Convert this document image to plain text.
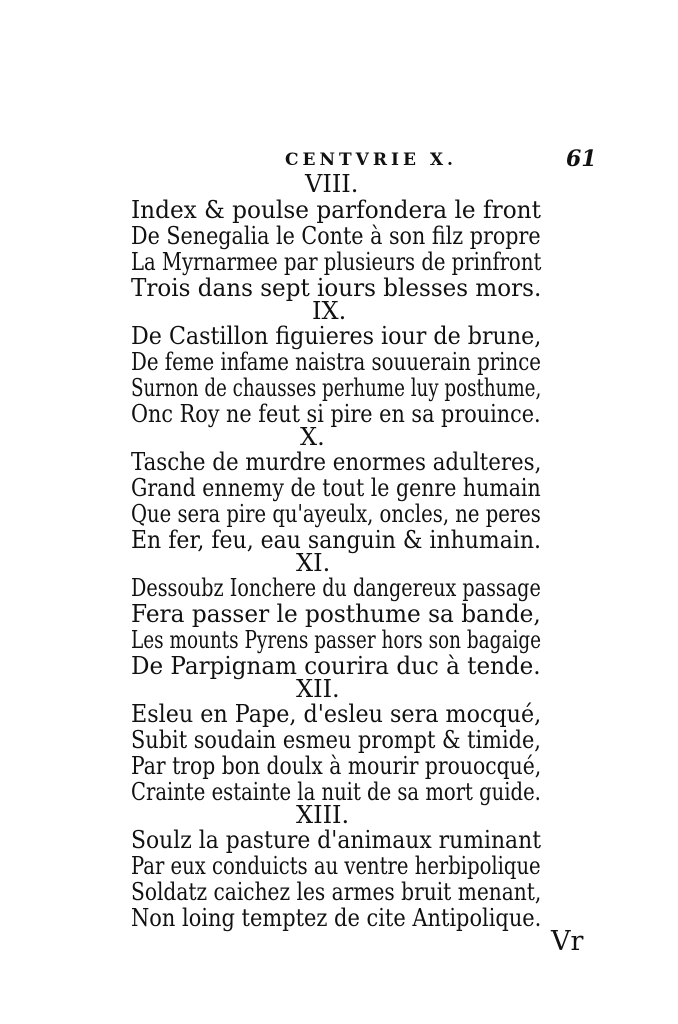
CENTVRIE X.	61
VIII.
Index & poulse parfondera le front
De Senegalia le Conte à son filz propre
La Myrnarmee par plusieurs de prinfront
Trois dans sept iours blesses mors.
IX.
De Castillon figuieres iour de brune,
De feme infame naistra souuerain prince
Surnon de chausses perhume luy posthume,
Onc Roy ne feut si pire en sa prouince.
X.
Tasche de murdre enormes adulteres,
Grand ennemy de tout le genre humain
Que sera pire qu'ayeulx, oncles, ne peres
En fer, feu, eau sanguin & inhumain.
XI.
Dessoubz Ionchere du dangereux passage
Fera passer le posthume sa bande,
Les mounts Pyrens passer hors son bagaige
De Parpignam courira duc à tende.
XII.
Esleu en Pape, d'esleu sera mocqué,
Subit soudain esmeu prompt & timide,
Par trop bon doulx à mourir prouocqué,
Crainte estainte la nuit de sa mort guide.
XIII.
Soulz la pasture d'animaux ruminant
Par eux conduicts au ventre herbipolique
Soldatz caichez les armes bruit menant,
Non loing temptez de cite Antipolique.
Vr
